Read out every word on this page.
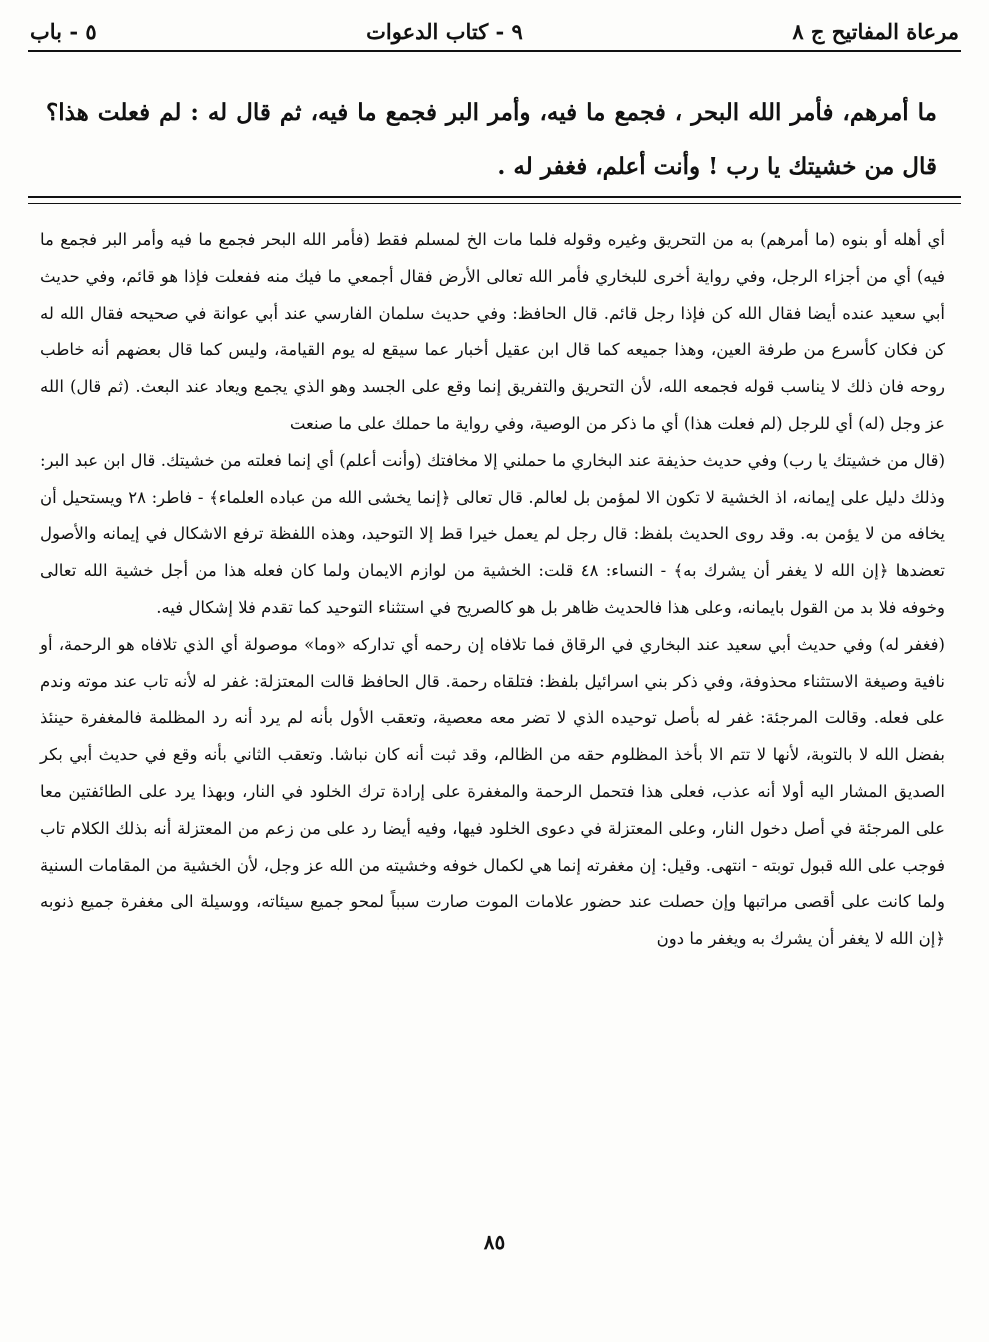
مرعاة المفاتيح ج ٨
٩ - كتاب الدعوات
٥ - باب

ما أمرهم، فأمر الله البحر ، فجمع ما فيه، وأمر البر فجمع ما فيه، ثم قال له : لم فعلت هذا؟ قال من خشيتك يا رب ! وأنت أعلم، فغفر له .

أي أهله أو بنوه (ما أمرهم) به من التحريق وغيره وقوله فلما مات الخ لمسلم فقط (فأمر الله البحر فجمع ما فيه وأمر البر فجمع ما فيه) أي من أجزاء الرجل، وفي رواية أخرى للبخاري فأمر الله تعالى الأرض فقال أجمعي ما فيك منه ففعلت فإذا هو قائم، وفي حديث أبي سعيد عنده أيضا فقال الله كن فإذا رجل قائم. قال الحافظ: وفي حديث سلمان الفارسي عند أبي عوانة في صحيحه فقال الله له كن فكان كأسرع من طرفة العين، وهذا جميعه كما قال ابن عقيل أخبار عما سيقع له يوم القيامة، وليس كما قال بعضهم أنه خاطب روحه فان ذلك لا يناسب قوله فجمعه الله، لأن التحريق والتفريق إنما وقع على الجسد وهو الذي يجمع ويعاد عند البعث. (ثم قال) الله عز وجل (له) أي للرجل (لم فعلت هذا) أي ما ذكر من الوصية، وفي رواية ما حملك على ما صنعت

(قال من خشيتك يا رب) وفي حديث حذيفة عند البخاري ما حملني إلا مخافتك (وأنت أعلم) أي إنما فعلته من خشيتك. قال ابن عبد البر: وذلك دليل على إيمانه، اذ الخشية لا تكون الا لمؤمن بل لعالم. قال تعالى ﴿إنما يخشى الله من عباده العلماء﴾ - فاطر: ٢٨ ويستحيل أن يخافه من لا يؤمن به. وقد روى الحديث بلفظ: قال رجل لم يعمل خيرا قط إلا التوحيد، وهذه اللفظة ترفع الاشكال في إيمانه والأصول تعضدها ﴿إن الله لا يغفر أن يشرك به﴾ - النساء: ٤٨ قلت: الخشية من لوازم الايمان ولما كان فعله هذا من أجل خشية الله تعالى وخوفه فلا بد من القول بايمانه، وعلى هذا فالحديث ظاهر بل هو كالصريح في استثناء التوحيد كما تقدم فلا إشكال فيه.

(فغفر له) وفي حديث أبي سعيد عند البخاري في الرقاق فما تلافاه إن رحمه أي تداركه «وما» موصولة أي الذي تلافاه هو الرحمة، أو نافية وصيغة الاستثناء محذوفة، وفي ذكر بني اسرائيل بلفظ: فتلقاه رحمة. قال الحافظ قالت المعتزلة: غفر له لأنه تاب عند موته وندم على فعله. وقالت المرجئة: غفر له بأصل توحيده الذي لا تضر معه معصية، وتعقب الأول بأنه لم يرد أنه رد المظلمة فالمغفرة حينئذ بفضل الله لا بالتوبة، لأنها لا تتم الا بأخذ المظلوم حقه من الظالم، وقد ثبت أنه كان نباشا. وتعقب الثاني بأنه وقع في حديث أبي بكر الصديق المشار اليه أولا أنه عذب، فعلى هذا فتحمل الرحمة والمغفرة على إرادة ترك الخلود في النار، وبهذا يرد على الطائفتين معا على المرجئة في أصل دخول النار، وعلى المعتزلة في دعوى الخلود فيها، وفيه أيضا رد على من زعم من المعتزلة أنه بذلك الكلام تاب فوجب على الله قبول توبته - انتهى. وقيل: إن مغفرته إنما هي لكمال خوفه وخشيته من الله عز وجل، لأن الخشية من المقامات السنية ولما كانت على أقصى مراتبها وإن حصلت عند حضور علامات الموت صارت سبباً لمحو جميع سيئاته، ووسيلة الى مغفرة جميع ذنوبه ﴿إن الله لا يغفر أن يشرك به ويغفر ما دون

٨٥
